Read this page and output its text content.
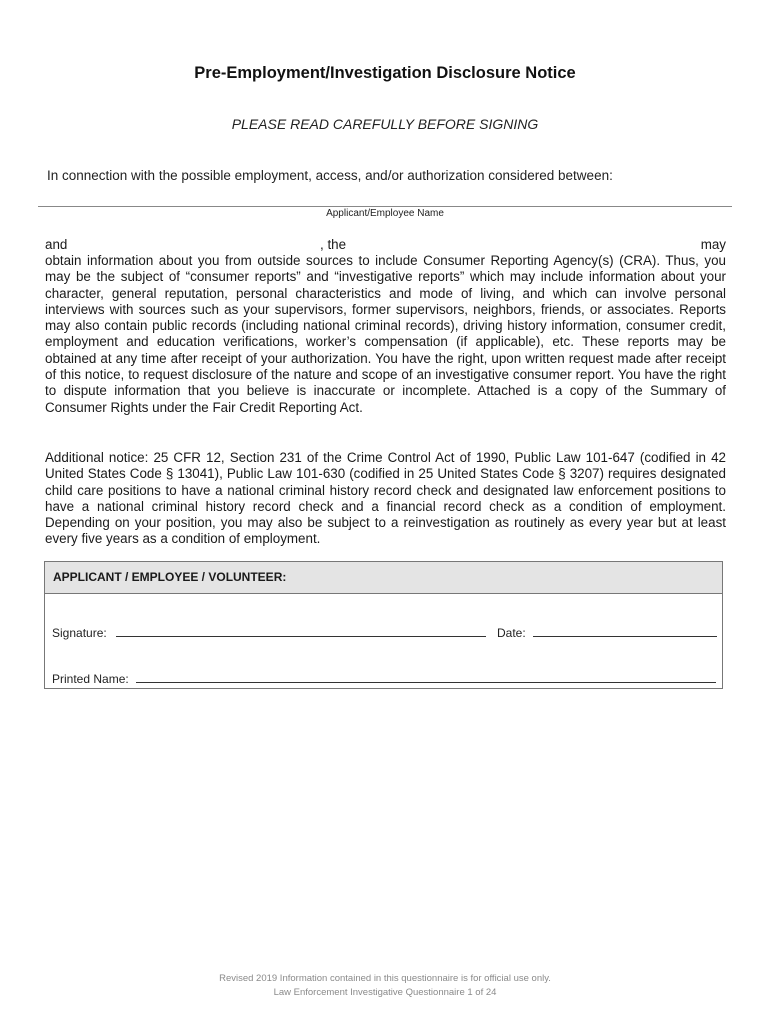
Pre-Employment/Investigation Disclosure Notice
PLEASE READ CAREFULLY BEFORE SIGNING
In connection with the possible employment, access, and/or authorization considered between:
Applicant/Employee Name
and	, the	may
obtain information about you from outside sources to include Consumer Reporting Agency(s) (CRA). Thus, you may be the subject of “consumer reports” and “investigative reports” which may include information about your character, general reputation, personal characteristics and mode of living, and which can involve personal interviews with sources such as your supervisors, former supervisors, neighbors, friends, or associates. Reports may also contain public records (including national criminal records), driving history information, consumer credit, employment and education verifications, worker’s compensation (if applicable), etc. These reports may be obtained at any time after receipt of your authorization. You have the right, upon written request made after receipt of this notice, to request disclosure of the nature and scope of an investigative consumer report. You have the right to dispute information that you believe is inaccurate or incomplete. Attached is a copy of the Summary of Consumer Rights under the Fair Credit Reporting Act.
Additional notice: 25 CFR 12, Section 231 of the Crime Control Act of 1990, Public Law 101-647 (codified in 42 United States Code § 13041), Public Law 101-630 (codified in 25 United States Code § 3207) requires designated child care positions to have a national criminal history record check and designated law enforcement positions to have a national criminal history record check and a financial record check as a condition of employment. Depending on your position, you may also be subject to a reinvestigation as routinely as every year but at least every five years as a condition of employment.
APPLICANT / EMPLOYEE / VOLUNTEER:
Signature:	Date:
Printed Name:
Revised 2019 Information contained in this questionnaire is for official use only.
Law Enforcement Investigative Questionnaire 1 of 24
